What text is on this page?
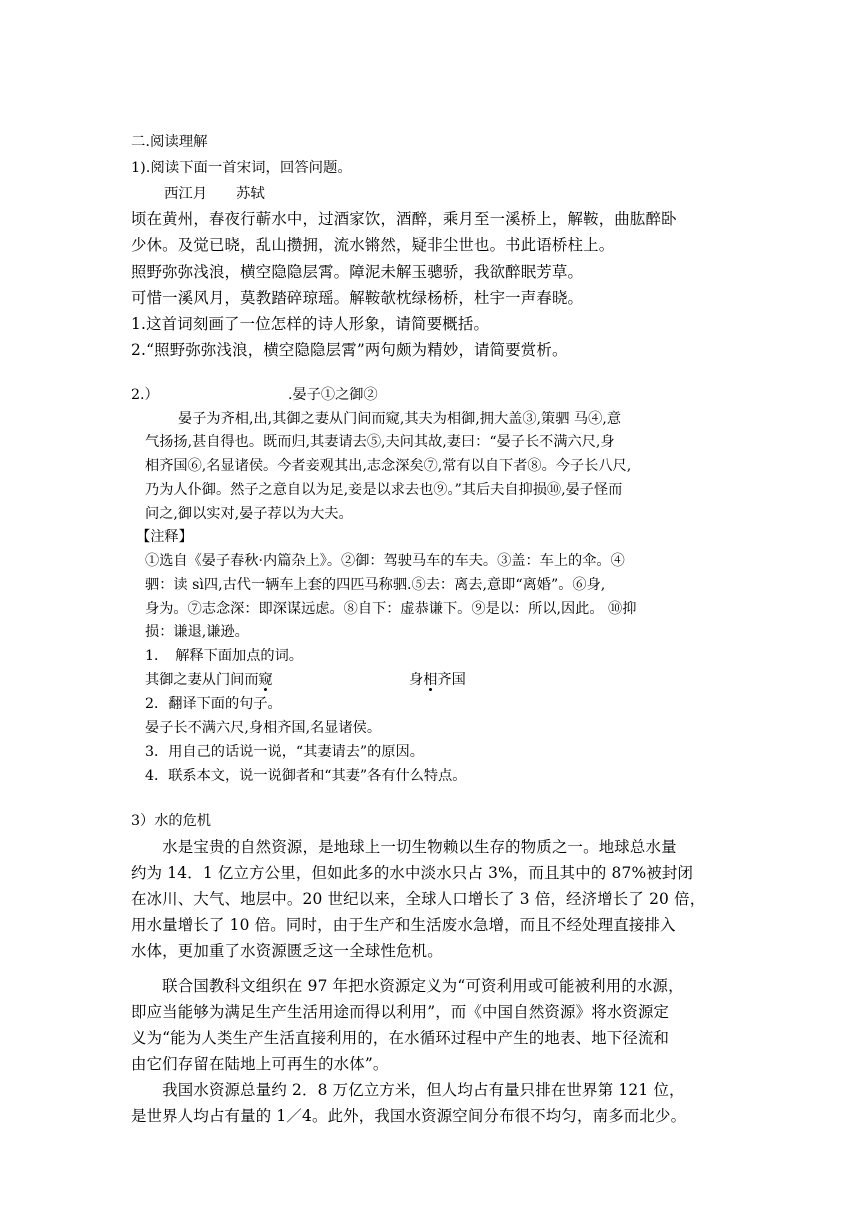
二.阅读理解
1).阅读下面一首宋词，回答问题。
西江月　　苏轼
顷在黄州，春夜行蕲水中，过酒家饮，酒醉，乘月至一溪桥上，解鞍，曲肱醉卧
少休。及觉已晓，乱山攒拥，流水锵然，疑非尘世也。书此语桥柱上。
照野弥弥浅浪，横空隐隐层霄。障泥未解玉骢骄，我欲醉眠芳草。
可惜一溪风月，莫教踏碎琼瑶。解鞍欹枕绿杨桥，杜宇一声春晓。
1.这首词刻画了一位怎样的诗人形象，请简要概括。
2.“照野弥弥浅浪，横空隐隐层霄”两句颇为精妙，请简要赏析。
2.）	.晏子①之御②
晏子为齐相,出,其御之妻从门间而窥,其夫为相御,拥大盖③,策驷 马④,意
气扬扬,甚自得也。既而归,其妻请去⑤,夫问其故,妻曰：“晏子长不满六尺,身
相齐国⑥,名显诸侯。今者妾观其出,志念深矣⑦,常有以自下者⑧。今子长八尺,
乃为人仆御。然子之意自以为足,妾是以求去也⑨。”其后夫自抑损⑩,晏子怪而
问之,御以实对,晏子荐以为大夫。
【注释】
①选自《晏子春秋·内篇杂上》。②御：驾驶马车的车夫。③盖：车上的伞。④
驷：读 sì四,古代一辆车上套的四匹马称驷.⑤去：离去,意即“离婚”。⑥身,
身为。⑦志念深：即深谋远虑。⑧自下：虚恭谦下。⑨是以：所以,因此。 ⑩抑
损：谦退,谦逊。
1．　解释下面加点的词。
其御之妻从门间而窥	身相齐国
2．翻译下面的句子。
晏子长不满六尺,身相齐国,名显诸侯。
3．用自己的话说一说，“其妻请去”的原因。
4．联系本文，说一说御者和“其妻”各有什么特点。
3）水的危机
　　水是宝贵的自然资源，是地球上一切生物赖以生存的物质之一。地球总水量
约为 14．1 亿立方公里，但如此多的水中淡水只占 3%，而且其中的 87%被封闭
在冰川、大气、地层中。20 世纪以来，全球人口增长了 3 倍，经济增长了 20 倍，
用水量增长了 10 倍。同时，由于生产和生活废水急增，而且不经处理直接排入
水体，更加重了水资源匮乏这一全球性危机。
　　联合国教科文组织在 97 年把水资源定义为“可资利用或可能被利用的水源，
即应当能够为满足生产生活用途而得以利用”，而《中国自然资源》将水资源定
义为“能为人类生产生活直接利用的，在水循环过程中产生的地表、地下径流和
由它们存留在陆地上可再生的水体”。
　　我国水资源总量约 2．8 万亿立方米，但人均占有量只排在世界第 121 位，
是世界人均占有量的 1／4。此外，我国水资源空间分布很不均匀，南多而北少。
